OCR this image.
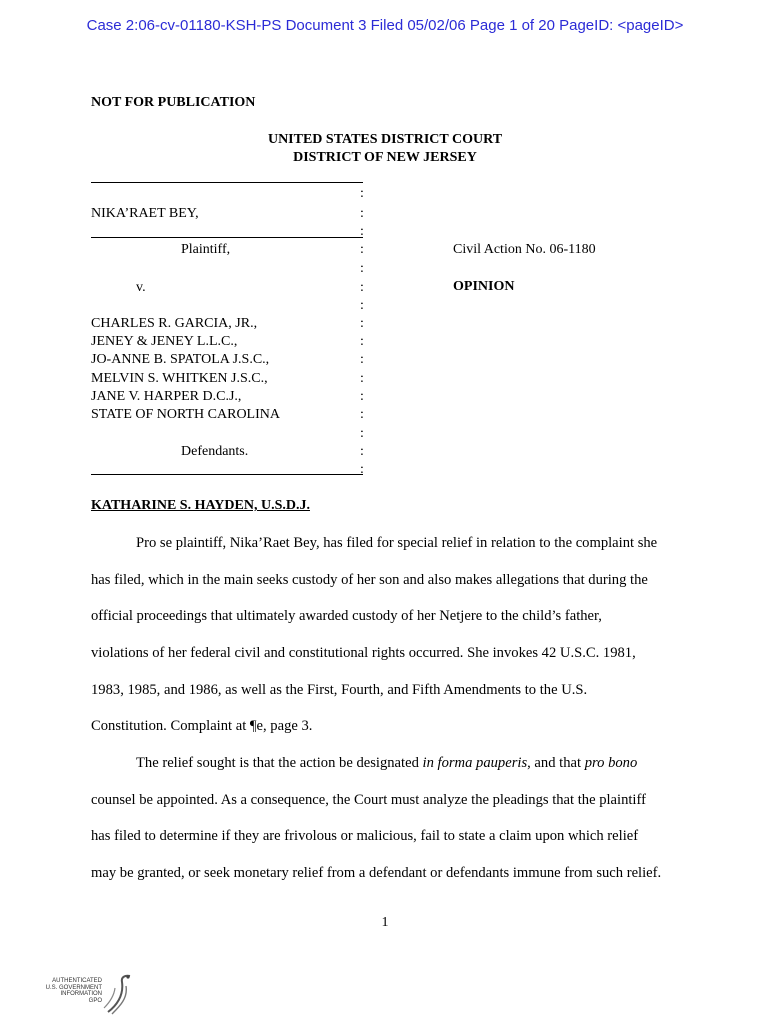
Case 2:06-cv-01180-KSH-PS Document 3 Filed 05/02/06 Page 1 of 20 PageID: <pageID>
NOT FOR PUBLICATION
UNITED STATES DISTRICT COURT
DISTRICT OF NEW JERSEY
NIKA’RAET BEY,
Plaintiff,
v.
CHARLES R. GARCIA, JR.,
JENEY & JENEY L.L.C.,
JO-ANNE B. SPATOLA J.S.C.,
MELVIN S. WHITKEN J.S.C.,
JANE V. HARPER D.C.J.,
STATE OF NORTH CAROLINA
Defendants.
:
:
:
:
:
:
:
:
:
:
:
:
:
:
:
:
Civil Action No. 06-1180
OPINION
KATHARINE S. HAYDEN, U.S.D.J.
Pro se plaintiff, Nika’Raet Bey, has filed for special relief in relation to the complaint she
has filed, which in the main seeks custody of her son and also makes allegations that during the
official proceedings that ultimately awarded custody of her Netjere to the child’s father,
violations of her federal civil and constitutional rights occurred. She invokes 42 U.S.C. 1981,
1983, 1985, and 1986, as well as the First, Fourth, and Fifth Amendments to the U.S.
Constitution. Complaint at ¶e, page 3.
The relief sought is that the action be designated in forma pauperis, and that pro bono
counsel be appointed. As a consequence, the Court must analyze the pleadings that the plaintiff
has filed to determine if they are frivolous or malicious, fail to state a claim upon which relief
may be granted, or seek monetary relief from a defendant or defendants immune from such relief.
1
AUTHENTICATED
U.S. GOVERNMENT
INFORMATION
GPO
